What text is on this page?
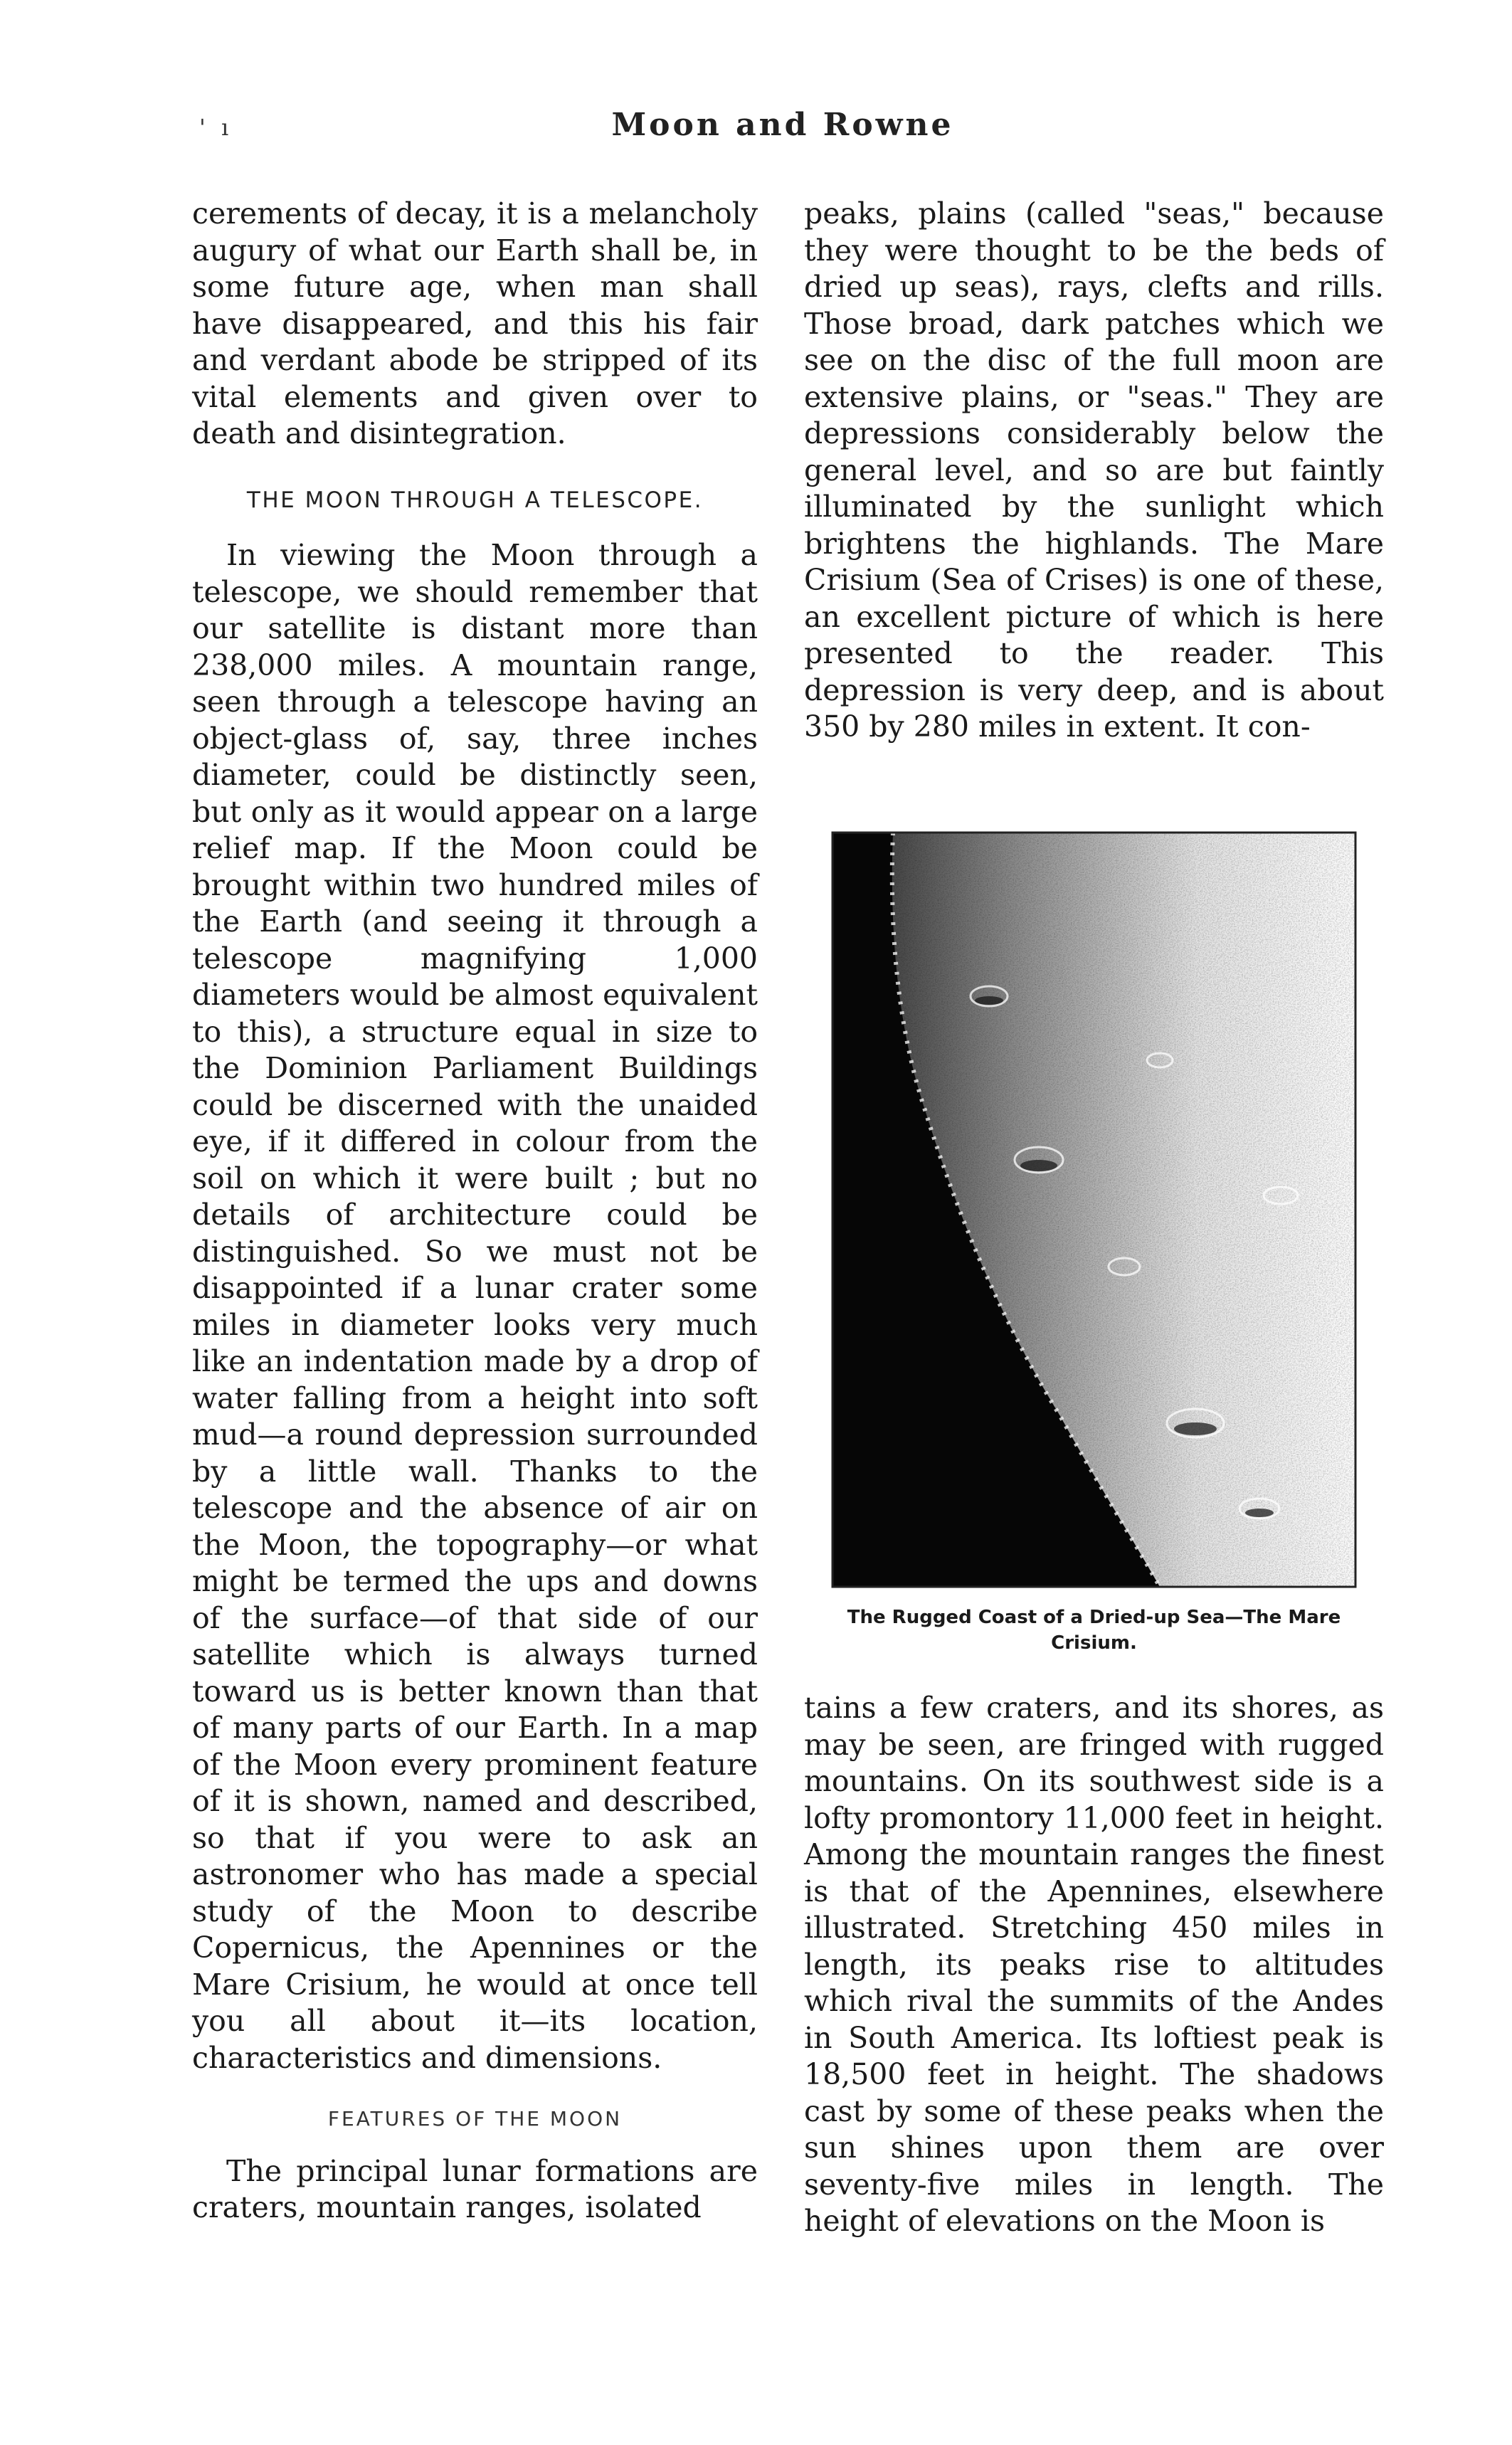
' ı	Moon and Rowne

cerements of decay, it is a melancholy augury of what our Earth shall be, in some future age, when man shall have disappeared, and this his fair and verdant abode be stripped of its vital elements and given over to death and disintegration.

THE MOON THROUGH A TELESCOPE.

In viewing the Moon through a telescope, we should remember that our satellite is distant more than 238,000 miles. A mountain range, seen through a telescope having an object-glass of, say, three inches diameter, could be distinctly seen, but only as it would appear on a large relief map. If the Moon could be brought within two hundred miles of the Earth (and seeing it through a telescope magnifying 1,000 diameters would be almost equivalent to this), a structure equal in size to the Dominion Parliament Buildings could be discerned with the unaided eye, if it differed in colour from the soil on which it were built ; but no details of architecture could be distinguished. So we must not be disappointed if a lunar crater some miles in diameter looks very much like an indentation made by a drop of water falling from a height into soft mud—a round depression surrounded by a little wall. Thanks to the telescope and the absence of air on the Moon, the topography—or what might be termed the ups and downs of the surface—of that side of our satellite which is always turned toward us is better known than that of many parts of our Earth. In a map of the Moon every prominent feature of it is shown, named and described, so that if you were to ask an astronomer who has made a special study of the Moon to describe Copernicus, the Apennines or the Mare Crisium, he would at once tell you all about it—its location, characteristics and dimensions.

FEATURES OF THE MOON

The principal lunar formations are craters, mountain ranges, isolated

peaks, plains (called "seas," because they were thought to be the beds of dried up seas), rays, clefts and rills. Those broad, dark patches which we see on the disc of the full moon are extensive plains, or "seas." They are depressions considerably below the general level, and so are but faintly illuminated by the sunlight which brightens the highlands. The Mare Crisium (Sea of Crises) is one of these, an excellent picture of which is here presented to the reader. This depression is very deep, and is about 350 by 280 miles in extent. It con-

The Rugged Coast of a Dried-up Sea—The Mare Crisium.

tains a few craters, and its shores, as may be seen, are fringed with rugged mountains. On its southwest side is a lofty promontory 11,000 feet in height. Among the mountain ranges the finest is that of the Apennines, elsewhere illustrated. Stretching 450 miles in length, its peaks rise to altitudes which rival the summits of the Andes in South America. Its loftiest peak is 18,500 feet in height. The shadows cast by some of these peaks when the sun shines upon them are over seventy-five miles in length. The height of elevations on the Moon is
